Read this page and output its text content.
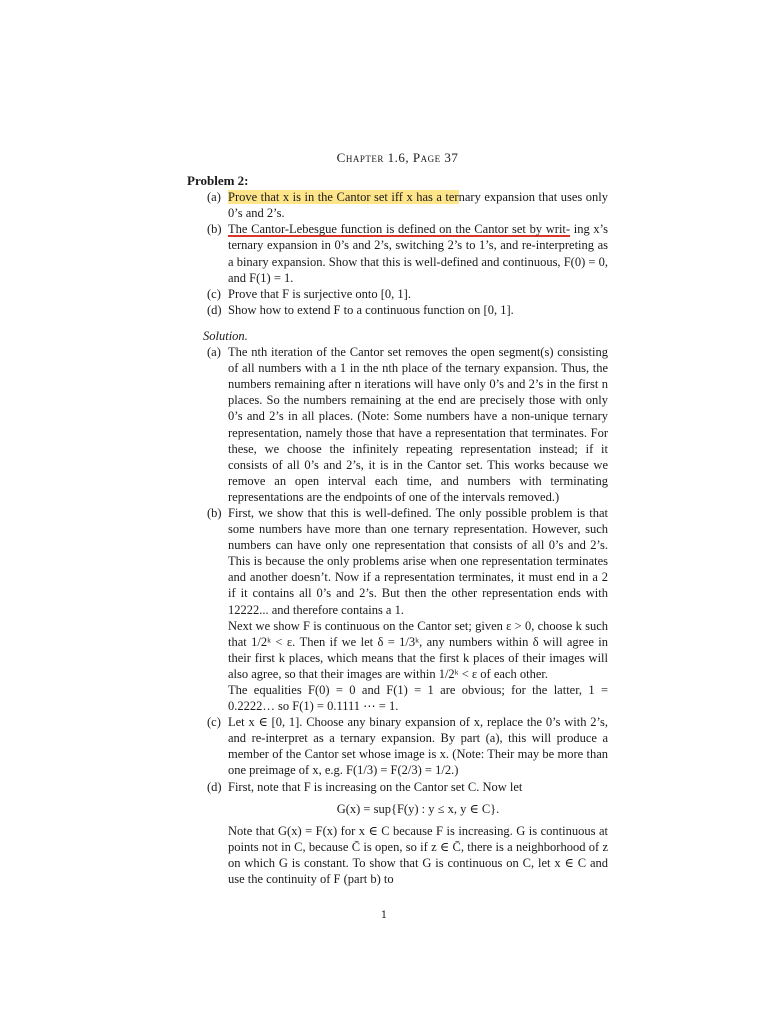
Chapter 1.6, Page 37
Problem 2:
(a) Prove that x is in the Cantor set iff x has a ternary expansion that uses only 0’s and 2’s.
(b) The Cantor-Lebesgue function is defined on the Cantor set by writ- ing x’s ternary expansion in 0’s and 2’s, switching 2’s to 1’s, and re-interpreting as a binary expansion. Show that this is well-defined and continuous, F(0) = 0, and F(1) = 1.
(c) Prove that F is surjective onto [0, 1].
(d) Show how to extend F to a continuous function on [0, 1].
Solution.
(a) The nth iteration of the Cantor set removes the open segment(s) consisting of all numbers with a 1 in the nth place of the ternary expansion. Thus, the numbers remaining after n iterations will have only 0’s and 2’s in the first n places. So the numbers remaining at the end are precisely those with only 0’s and 2’s in all places. (Note: Some numbers have a non-unique ternary representation, namely those that have a representation that terminates. For these, we choose the infinitely repeating representation instead; if it consists of all 0’s and 2’s, it is in the Cantor set. This works because we remove an open interval each time, and numbers with terminating representations are the endpoints of one of the intervals removed.)
(b) First, we show that this is well-defined. The only possible problem is that some numbers have more than one ternary representation. However, such numbers can have only one representation that consists of all 0’s and 2’s. This is because the only problems arise when one representation terminates and another doesn’t. Now if a representation terminates, it must end in a 2 if it contains all 0’s and 2’s. But then the other representation ends with 12222... and therefore contains a 1.
Next we show F is continuous on the Cantor set; given ε > 0, choose k such that 1/2ᵏ < ε. Then if we let δ = 1/3ᵏ, any numbers within δ will agree in their first k places, which means that the first k places of their images will also agree, so that their images are within 1/2ᵏ < ε of each other.
The equalities F(0) = 0 and F(1) = 1 are obvious; for the latter, 1 = 0.2222… so F(1) = 0.1111 ⋯ = 1.
(c) Let x ∈ [0, 1]. Choose any binary expansion of x, replace the 0’s with 2’s, and re-interpret as a ternary expansion. By part (a), this will produce a member of the Cantor set whose image is x. (Note: Their may be more than one preimage of x, e.g. F(1/3) = F(2/3) = 1/2.)
(d) First, note that F is increasing on the Cantor set C. Now let
G(x) = sup{F(y) : y ≤ x, y ∈ C}.
Note that G(x) = F(x) for x ∈ C because F is increasing. G is continuous at points not in C, because C̄ is open, so if z ∈ C̄, there is a neighborhood of z on which G is constant. To show that G is continuous on C, let x ∈ C and use the continuity of F (part b) to
1
